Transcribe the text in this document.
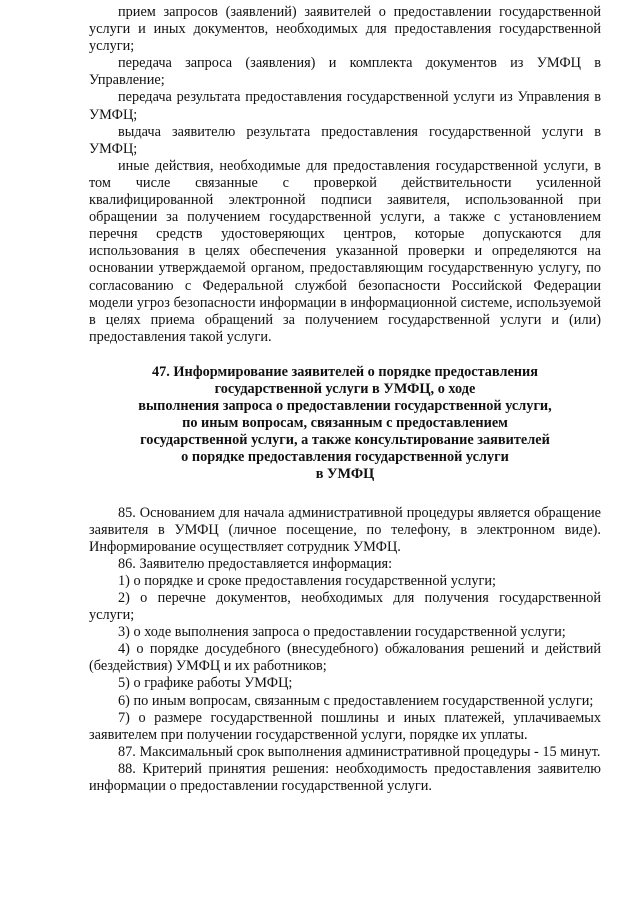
прием запросов (заявлений) заявителей о предоставлении государственной услуги и иных документов, необходимых для предоставления государственной услуги;

передача запроса (заявления) и комплекта документов из УМФЦ в Управление;

передача результата предоставления государственной услуги из Управления в УМФЦ;

выдача заявителю результата предоставления государственной услуги в УМФЦ;

иные действия, необходимые для предоставления государственной услуги, в том числе связанные с проверкой действительности усиленной квалифицированной электронной подписи заявителя, использованной при обращении за получением государственной услуги, а также с установлением перечня средств удостоверяющих центров, которые допускаются для использования в целях обеспечения указанной проверки и определяются на основании утверждаемой органом, предоставляющим государственную услугу, по согласованию с Федеральной службой безопасности Российской Федерации модели угроз безопасности информации в информационной системе, используемой в целях приема обращений за получением государственной услуги и (или) предоставления такой услуги.

47. Информирование заявителей о порядке предоставления
государственной услуги в УМФЦ, о ходе
выполнения запроса о предоставлении государственной услуги,
по иным вопросам, связанным с предоставлением
государственной услуги, а также консультирование заявителей
о порядке предоставления государственной услуги
в УМФЦ

85. Основанием для начала административной процедуры является обращение заявителя в УМФЦ (личное посещение, по телефону, в электронном виде). Информирование осуществляет сотрудник УМФЦ.

86. Заявителю предоставляется информация:

1) о порядке и сроке предоставления государственной услуги;

2) о перечне документов, необходимых для получения государственной услуги;

3) о ходе выполнения запроса о предоставлении государственной услуги;

4) о порядке досудебного (внесудебного) обжалования решений и действий (бездействия) УМФЦ и их работников;

5) о графике работы УМФЦ;

6) по иным вопросам, связанным с предоставлением государственной услуги;

7) о размере государственной пошлины и иных платежей, уплачиваемых заявителем при получении государственной услуги, порядке их уплаты.

87. Максимальный срок выполнения административной процедуры - 15 минут.

88. Критерий принятия решения: необходимость предоставления заявителю информации о предоставлении государственной услуги.
